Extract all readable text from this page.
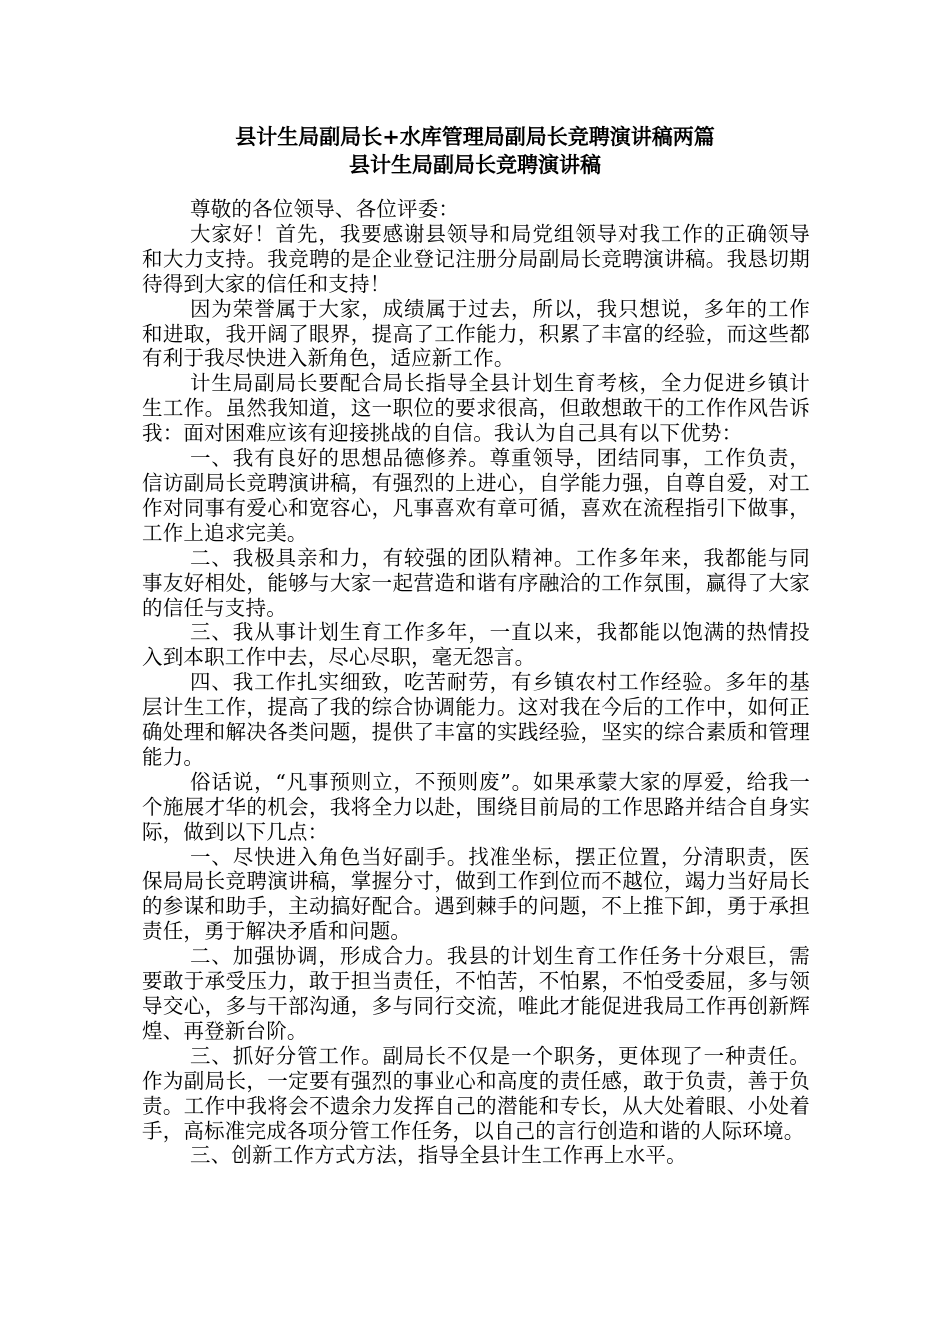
县计生局副局长+水库管理局副局长竞聘演讲稿两篇
县计生局副局长竞聘演讲稿

尊敬的各位领导、各位评委：

大家好！首先，我要感谢县领导和局党组领导对我工作的正确领导和大力支持。我竞聘的是企业登记注册分局副局长竞聘演讲稿。我恳切期待得到大家的信任和支持！

因为荣誉属于大家，成绩属于过去，所以，我只想说，多年的工作和进取，我开阔了眼界，提高了工作能力，积累了丰富的经验，而这些都有利于我尽快进入新角色，适应新工作。

计生局副局长要配合局长指导全县计划生育考核，全力促进乡镇计生工作。虽然我知道，这一职位的要求很高，但敢想敢干的工作作风告诉我：面对困难应该有迎接挑战的自信。我认为自己具有以下优势：

一、我有良好的思想品德修养。尊重领导，团结同事，工作负责，信访副局长竞聘演讲稿，有强烈的上进心，自学能力强，自尊自爱，对工作对同事有爱心和宽容心，凡事喜欢有章可循，喜欢在流程指引下做事，工作上追求完美。

二、我极具亲和力，有较强的团队精神。工作多年来，我都能与同事友好相处，能够与大家一起营造和谐有序融洽的工作氛围，赢得了大家的信任与支持。

三、我从事计划生育工作多年，一直以来，我都能以饱满的热情投入到本职工作中去，尽心尽职，毫无怨言。

四、我工作扎实细致，吃苦耐劳，有乡镇农村工作经验。多年的基层计生工作，提高了我的综合协调能力。这对我在今后的工作中，如何正确处理和解决各类问题，提供了丰富的实践经验，坚实的综合素质和管理能力。

俗话说，“凡事预则立，不预则废”。如果承蒙大家的厚爱，给我一个施展才华的机会，我将全力以赴，围绕目前局的工作思路并结合自身实际，做到以下几点：

一、尽快进入角色当好副手。找准坐标，摆正位置，分清职责，医保局局长竞聘演讲稿，掌握分寸，做到工作到位而不越位，竭力当好局长的参谋和助手，主动搞好配合。遇到棘手的问题，不上推下卸，勇于承担责任，勇于解决矛盾和问题。

二、加强协调，形成合力。我县的计划生育工作任务十分艰巨，需要敢于承受压力，敢于担当责任，不怕苦，不怕累，不怕受委屈，多与领导交心，多与干部沟通，多与同行交流，唯此才能促进我局工作再创新辉煌、再登新台阶。

三、抓好分管工作。副局长不仅是一个职务，更体现了一种责任。作为副局长，一定要有强烈的事业心和高度的责任感，敢于负责，善于负责。工作中我将会不遗余力发挥自己的潜能和专长，从大处着眼、小处着手，高标准完成各项分管工作任务，以自己的言行创造和谐的人际环境。

三、创新工作方式方法，指导全县计生工作再上水平。
